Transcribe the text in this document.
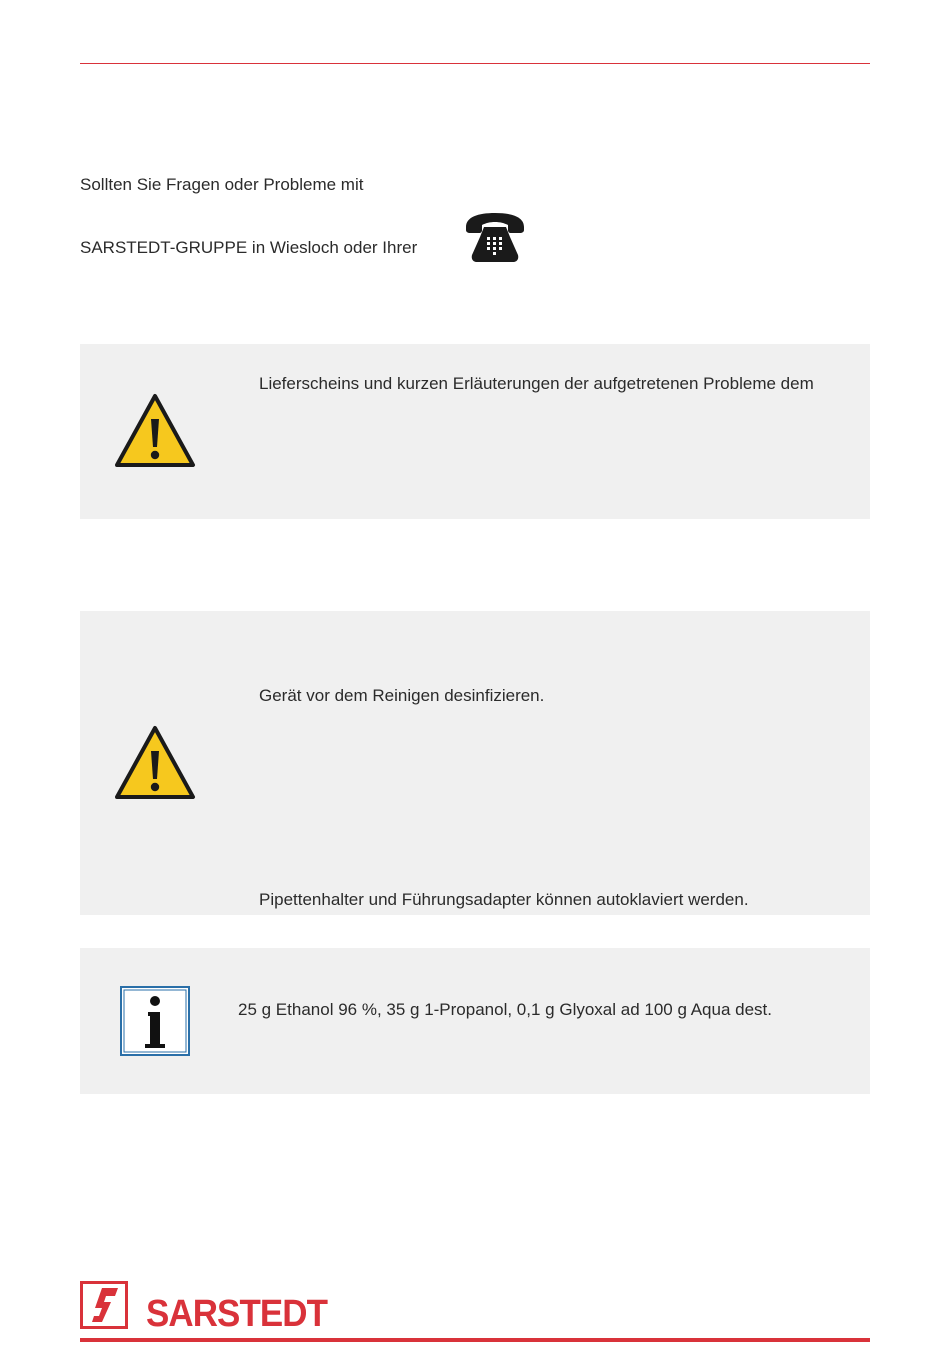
Sollten Sie Fragen oder Probleme mit
SARSTEDT-GRUPPE in Wiesloch oder Ihrer
Lieferscheins und kurzen Erläuterungen der aufgetretenen Probleme dem
Gerät vor dem Reinigen desinfizieren.
Pipettenhalter und Führungsadapter können autoklaviert werden.
25 g Ethanol 96 %, 35 g 1-Propanol, 0,1 g Glyoxal ad 100 g Aqua dest.
SARSTEDT
